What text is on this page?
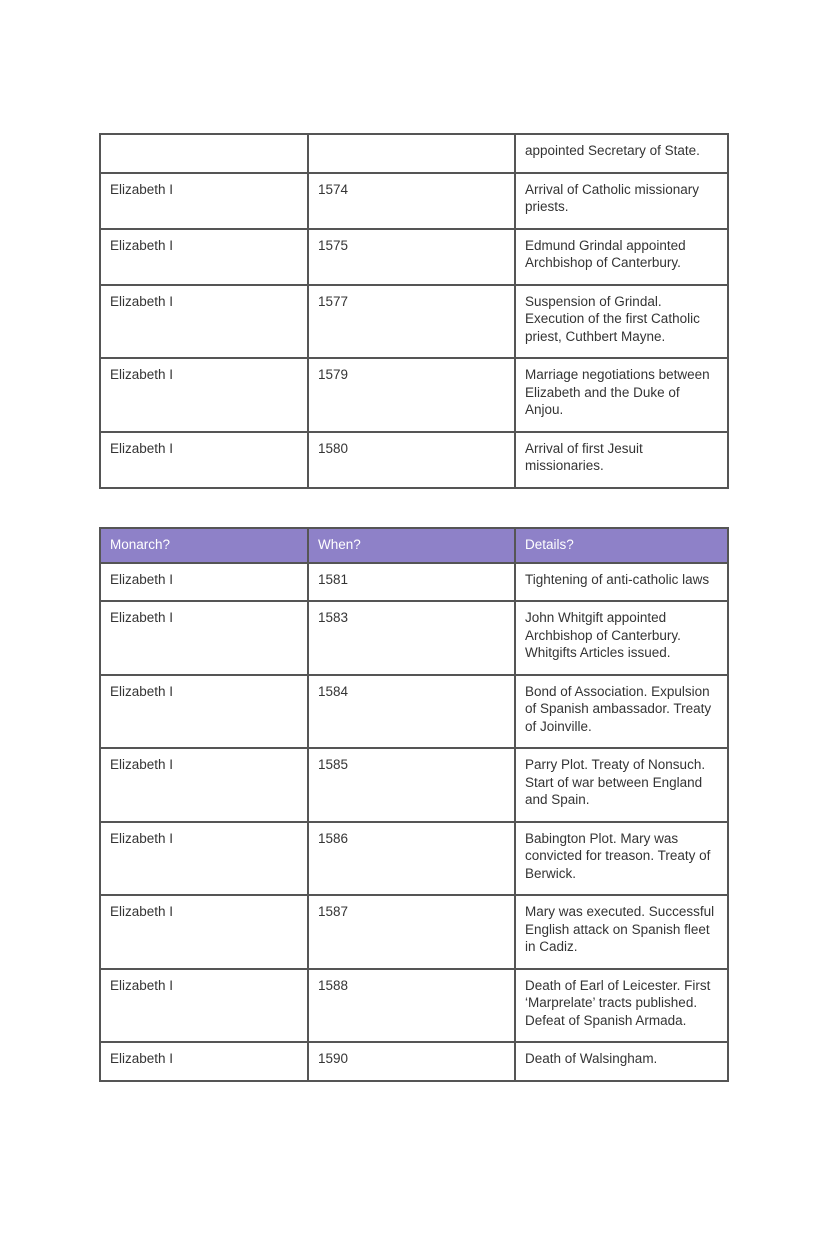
		appointed Secretary of State.
Elizabeth I	1574	Arrival of Catholic missionary priests.
Elizabeth I	1575	Edmund Grindal appointed Archbishop of Canterbury.
Elizabeth I	1577	Suspension of Grindal. Execution of the first Catholic priest, Cuthbert Mayne.
Elizabeth I	1579	Marriage negotiations between Elizabeth and the Duke of Anjou.
Elizabeth I	1580	Arrival of first Jesuit missionaries.
Monarch?	When?	Details?
Elizabeth I	1581	Tightening of anti-catholic laws
Elizabeth I	1583	John Whitgift appointed Archbishop of Canterbury. Whitgifts Articles issued.
Elizabeth I	1584	Bond of Association. Expulsion of Spanish ambassador. Treaty of Joinville.
Elizabeth I	1585	Parry Plot. Treaty of Nonsuch. Start of war between England and Spain.
Elizabeth I	1586	Babington Plot. Mary was convicted for treason. Treaty of Berwick.
Elizabeth I	1587	Mary was executed. Successful English attack on Spanish fleet in Cadiz.
Elizabeth I	1588	Death of Earl of Leicester. First ‘Marprelate’ tracts published. Defeat of Spanish Armada.
Elizabeth I	1590	Death of Walsingham.
